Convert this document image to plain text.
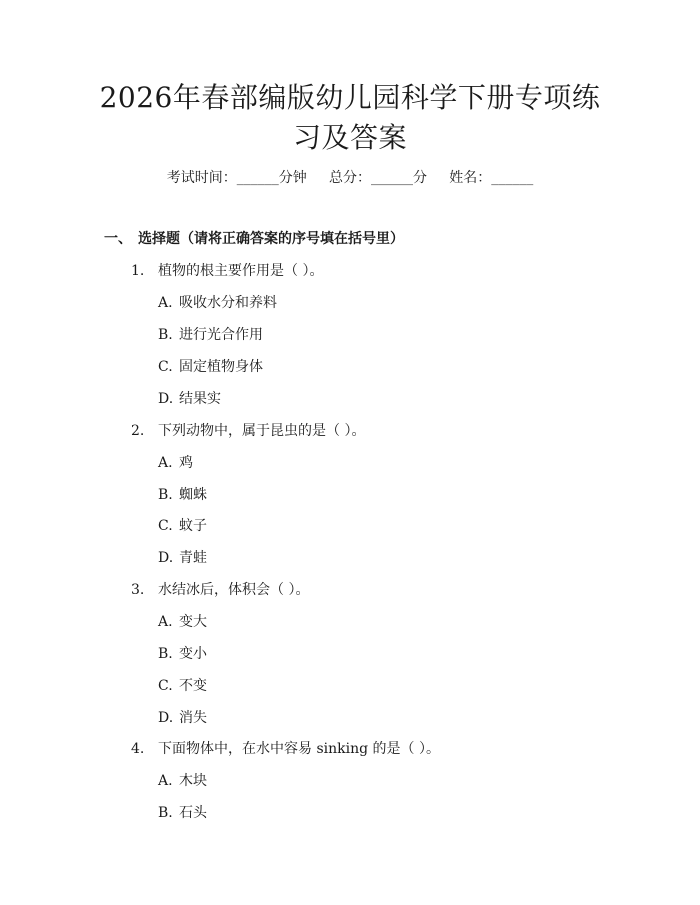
2026年春部编版幼儿园科学下册专项练习及答案
考试时间：______分钟     总分：______分     姓名：______
一、 选择题（请将正确答案的序号填在括号里）
1. 植物的根主要作用是（ ）。
A. 吸收水分和养料
B. 进行光合作用
C. 固定植物身体
D. 结果实
2. 下列动物中，属于昆虫的是（ ）。
A. 鸡
B. 蜘蛛
C. 蚊子
D. 青蛙
3. 水结冰后，体积会（ ）。
A. 变大
B. 变小
C. 不变
D. 消失
4. 下面物体中，在水中容易 sinking 的是（ ）。
A. 木块
B. 石头
